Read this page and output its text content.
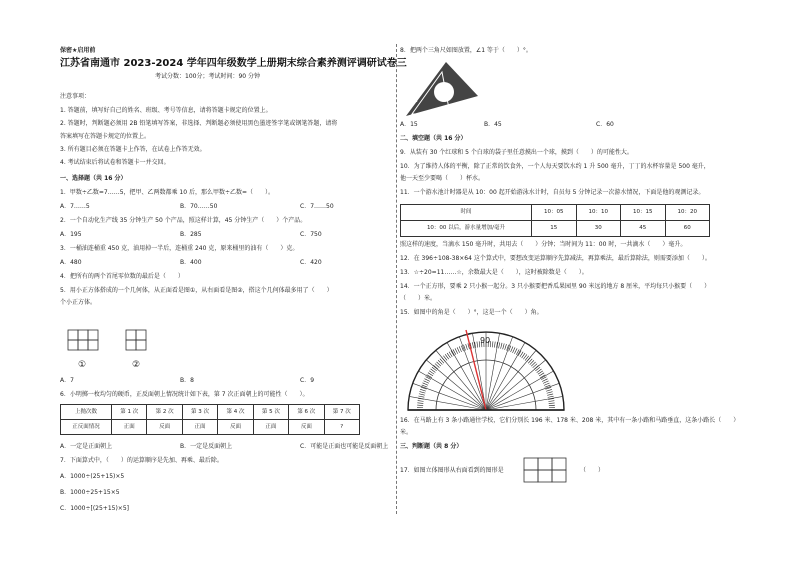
保密★启用前
江苏省南通市 2023-2024 学年四年级数学上册期末综合素养测评调研试卷三
考试分数：100分；考试时间：90 分钟
注意事项：
1. 答题前，填写好自己的姓名、班级、考号等信息，请将答题卡规定的位置上。
2. 答题时，判断题必须用 2B 铅笔填写答案，非选择、判断题必须使用黑色墨迹签字笔或钢笔答题，请将
答案填写在答题卡规定的位置上。
3. 所有题目必须在答题卡上作答，在试卷上作答无效。
4. 考试结束后将试卷和答题卡一并交回。
一、选择题（共 16 分）
1．甲数÷乙数=7……5，把甲、乙两数都乘 10 后，那么甲数÷乙数=（　　）。
A．7……5	B．70……50	C．7……50
2．一个自动化生产线 35 分钟生产 50 个产品，照这样计算，45 分钟生产（　　）个产品。
A．195	B．285	C．750
3．一桶油连桶重 450 克，油用掉一半后，连桶重 240 克，原来桶里的油有（　　）克。
A．480	B．400	C．420
4．把所有的两个首尾零位数的最后是（　　）
5．用小正方体搭成的一个几何体，从正面看是图①，从右面看是图②，搭这个几何体最多用了（　　）
个小正方体。
①	②
A．7	B．8	C．9
6．小明掷一枚均匀的硬币，正反面朝上情况统计如下表，第 7 次正面朝上的可能性（　　）。
上抛次数	第 1 次	第 2 次	第 3 次	第 4 次	第 5 次	第 6 次	第 7 次
正反面情况	正面	反面	正面	反面	正面	反面	?
A．一定是正面朝上	B．一定是反面朝上	C．可能是正面也可能是反面朝上
7．下面算式中，（　　）的运算顺序是先加、再乘、最后除。
A．1000÷(25+15)×5
B．1000÷25+15×5
C．1000÷[(25+15)×5]
8．把两个三角尺如图放置，∠1 等于（　　）°。
1
A．15	B．45	C．60
二、填空题（共 16 分）
9．从装有 30 个红球和 5 个白球的袋子里任意摸出一个球，摸到（　　）的可能性大。
10．为了维持人体的平衡，除了正常的饮食外，一个人每天要饮水约 1 升 500 毫升，丁丁的水杯容量是 500 毫升，
他一天至少要喝（　　）杯水。
11．一个游水池计时器是从 10：00 起开始游泳水计时，自员每 5 分钟记录一次游水情况，下面是他的观测记录。
时间	10：05	10：10	10：15	10：20
10：00 以后，游水量增加/毫升	15	30	45	60
照这样的速度，当滴水 150 毫升时，共用去（　　）分钟；当时间为 11：00 时，一共滴水（　　）毫升。
12．在 396÷108-38×64 这个算式中，要想改变运算顺序先算减法，再算乘法，最后算除法，则需要添加（　　）。
13．☆÷20=11……☆，余数最大是（　　），这时被除数是（　　）。
14．一个正方形，要乘 2 只小猴一起分。3 只小猴要把香瓜果园里 90 米远的地方 8 厘米，平均每只小猴要（　　）
（　　）米。
15．如图中的角是（　　）°，这是一个（　　）角。
90
16．在马路上有 3 条小路通往学校，它们分别长 196 米、178 米、208 米，其中有一条小路和马路垂直，这条小路长（　　）
米。
三、判断题（共 8 分）
17．如图立体图形从右面看到的图形是	（　　）
